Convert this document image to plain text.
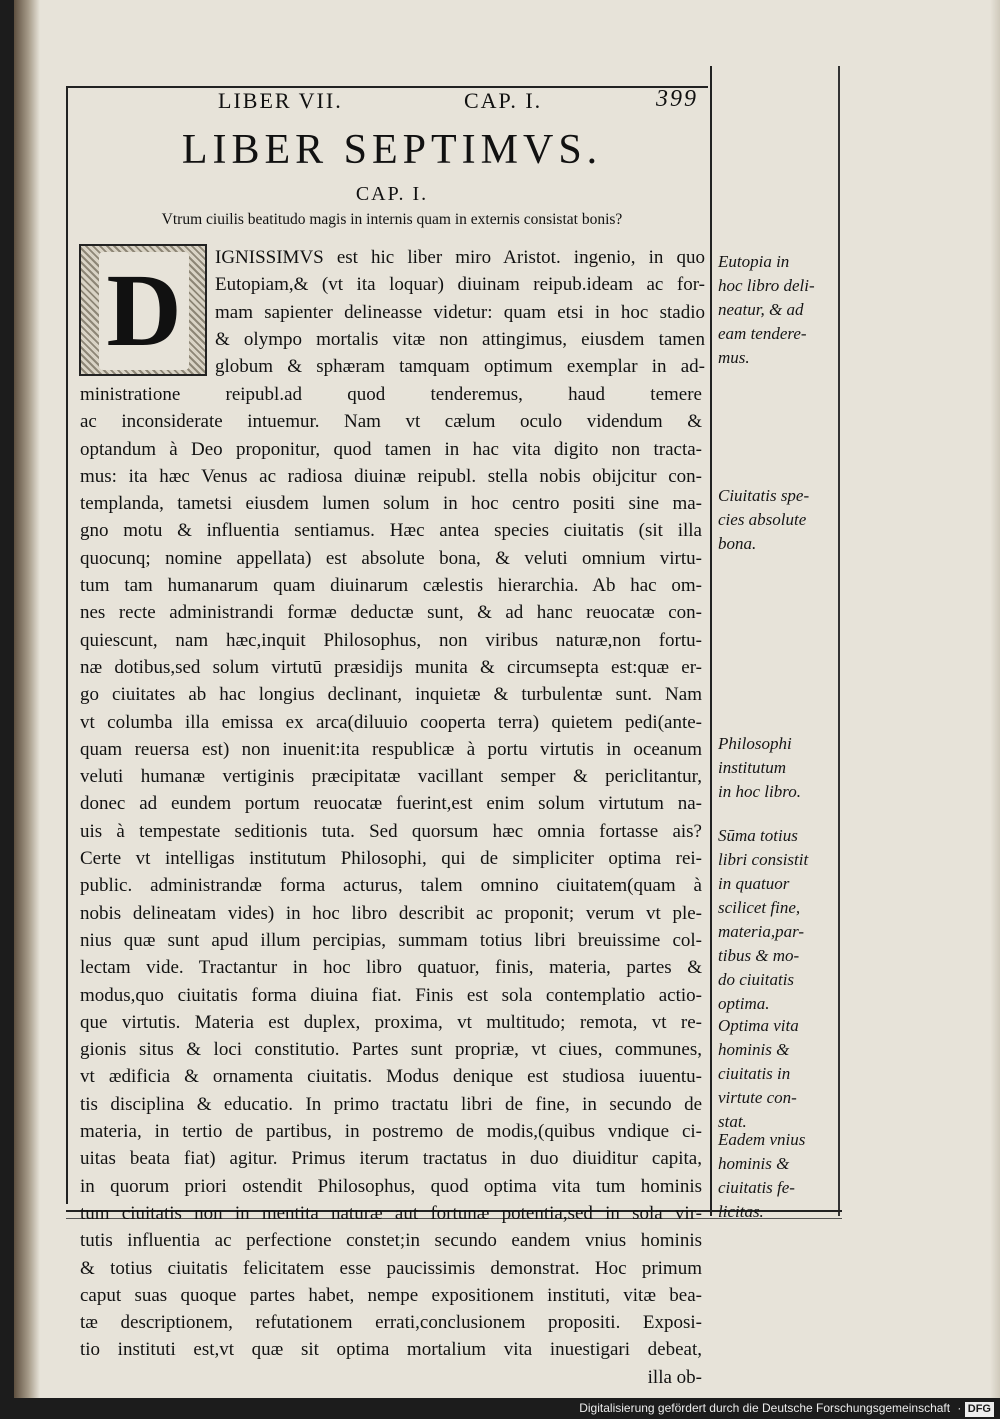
LIBER VII.	CAP. I.	399
LIBER SEPTIMVS.
CAP. I.
Vtrum ciuilis beatitudo magis in internis quam in externis consistat bonis?
D	IGNISSIMVS est hic liber miro Aristot. ingenio, in quo
Eutopiam,& (vt ita loquar) diuinam reipub.ideam ac for-
mam sapienter delineasse videtur: quam etsi in hoc stadio
& olympo mortalis vitæ non attingimus, eiusdem tamen
globum & sphæram tamquam optimum exemplar in ad-
ministratione reipubl.ad quod tenderemus, haud temere
ac inconsiderate intuemur. Nam vt cælum oculo videndum &
optandum à Deo proponitur, quod tamen in hac vita digito non tracta-
mus: ita hæc Venus ac radiosa diuinæ reipubl. stella nobis obijcitur con-
templanda, tametsi eiusdem lumen solum in hoc centro positi sine ma-
gno motu & influentia sentiamus. Hæc antea species ciuitatis (sit illa
quocunq; nomine appellata) est absolute bona, & veluti omnium virtu-
tum tam humanarum quam diuinarum cælestis hierarchia. Ab hac om-
nes recte administrandi formæ deductæ sunt, & ad hanc reuocatæ con-
quiescunt, nam hæc,inquit Philosophus, non viribus naturæ,non fortu-
næ dotibus,sed solum virtutū præsidijs munita & circumsepta est:quæ er-
go ciuitates ab hac longius declinant, inquietæ & turbulentæ sunt. Nam
vt columba illa emissa ex arca(diluuio cooperta terra) quietem pedi(ante-
quam reuersa est) non inuenit:ita respublicæ à portu virtutis in oceanum
veluti humanæ vertiginis præcipitatæ vacillant semper & periclitantur,
donec ad eundem portum reuocatæ fuerint,est enim solum virtutum na-
uis à tempestate seditionis tuta. Sed quorsum hæc omnia fortasse ais?
Certe vt intelligas institutum Philosophi, qui de simpliciter optima rei-
public. administrandæ forma acturus, talem omnino ciuitatem(quam à
nobis delineatam vides) in hoc libro describit ac proponit; verum vt ple-
nius quæ sunt apud illum percipias, summam totius libri breuissime col-
lectam vide. Tractantur in hoc libro quatuor, finis, materia, partes &
modus,quo ciuitatis forma diuina fiat. Finis est sola contemplatio actio-
que virtutis. Materia est duplex, proxima, vt multitudo; remota, vt re-
gionis situs & loci constitutio. Partes sunt propriæ, vt ciues, communes,
vt ædificia & ornamenta ciuitatis. Modus denique est studiosa iuuentu-
tis disciplina & educatio. In primo tractatu libri de fine, in secundo de
materia, in tertio de partibus, in postremo de modis,(quibus vndique ci-
uitas beata fiat) agitur. Primus iterum tractatus in duo diuiditur capita,
in quorum priori ostendit Philosophus, quod optima vita tum hominis
tum ciuitatis non in mentita naturæ aut fortunæ potentia,sed in sola vir-
tutis influentia ac perfectione constet;in secundo eandem vnius hominis
& totius ciuitatis felicitatem esse paucissimis demonstrat. Hoc primum
caput suas quoque partes habet, nempe expositionem instituti, vitæ bea-
tæ descriptionem, refutationem errati,conclusionem propositi. Exposi-
tio instituti est,vt quæ sit optima mortalium vita inuestigari debeat,
illa ob-
Eutopia in
hoc libro deli-
neatur, & ad
eam tendere-
mus.
Ciuitatis spe-
cies absolute
bona.
Philosophi
institutum
in hoc libro.
Sūma totius
libri consistit
in quatuor
scilicet fine,
materia,par-
tibus & mo-
do ciuitatis
optima.
Optima vita
hominis &
ciuitatis in
virtute con-
stat.
Eadem vnius
hominis &
ciuitatis fe-
licitas.
Digitalisierung gefördert durch die Deutsche Forschungsgemeinschaft · DFG
